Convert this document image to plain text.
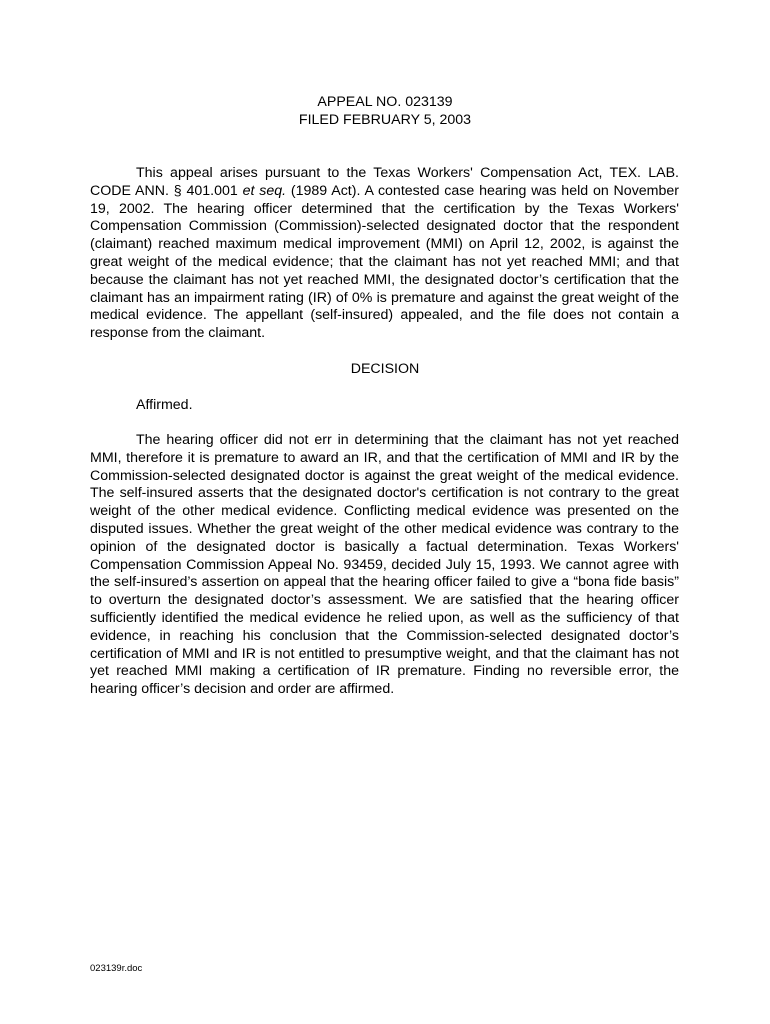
APPEAL NO. 023139
FILED FEBRUARY 5, 2003

This appeal arises pursuant to the Texas Workers' Compensation Act, TEX. LAB. CODE ANN. § 401.001 et seq. (1989 Act). A contested case hearing was held on November 19, 2002. The hearing officer determined that the certification by the Texas Workers' Compensation Commission (Commission)-selected designated doctor that the respondent (claimant) reached maximum medical improvement (MMI) on April 12, 2002, is against the great weight of the medical evidence; that the claimant has not yet reached MMI; and that because the claimant has not yet reached MMI, the designated doctor’s certification that the claimant has an impairment rating (IR) of 0% is premature and against the great weight of the medical evidence. The appellant (self-insured) appealed, and the file does not contain a response from the claimant.

DECISION
Affirmed.

The hearing officer did not err in determining that the claimant has not yet reached MMI, therefore it is premature to award an IR, and that the certification of MMI and IR by the Commission-selected designated doctor is against the great weight of the medical evidence. The self-insured asserts that the designated doctor's certification is not contrary to the great weight of the other medical evidence. Conflicting medical evidence was presented on the disputed issues. Whether the great weight of the other medical evidence was contrary to the opinion of the designated doctor is basically a factual determination. Texas Workers' Compensation Commission Appeal No. 93459, decided July 15, 1993. We cannot agree with the self-insured’s assertion on appeal that the hearing officer failed to give a “bona fide basis” to overturn the designated doctor’s assessment. We are satisfied that the hearing officer sufficiently identified the medical evidence he relied upon, as well as the sufficiency of that evidence, in reaching his conclusion that the Commission-selected designated doctor’s certification of MMI and IR is not entitled to presumptive weight, and that the claimant has not yet reached MMI making a certification of IR premature. Finding no reversible error, the hearing officer’s decision and order are affirmed.

023139r.doc
